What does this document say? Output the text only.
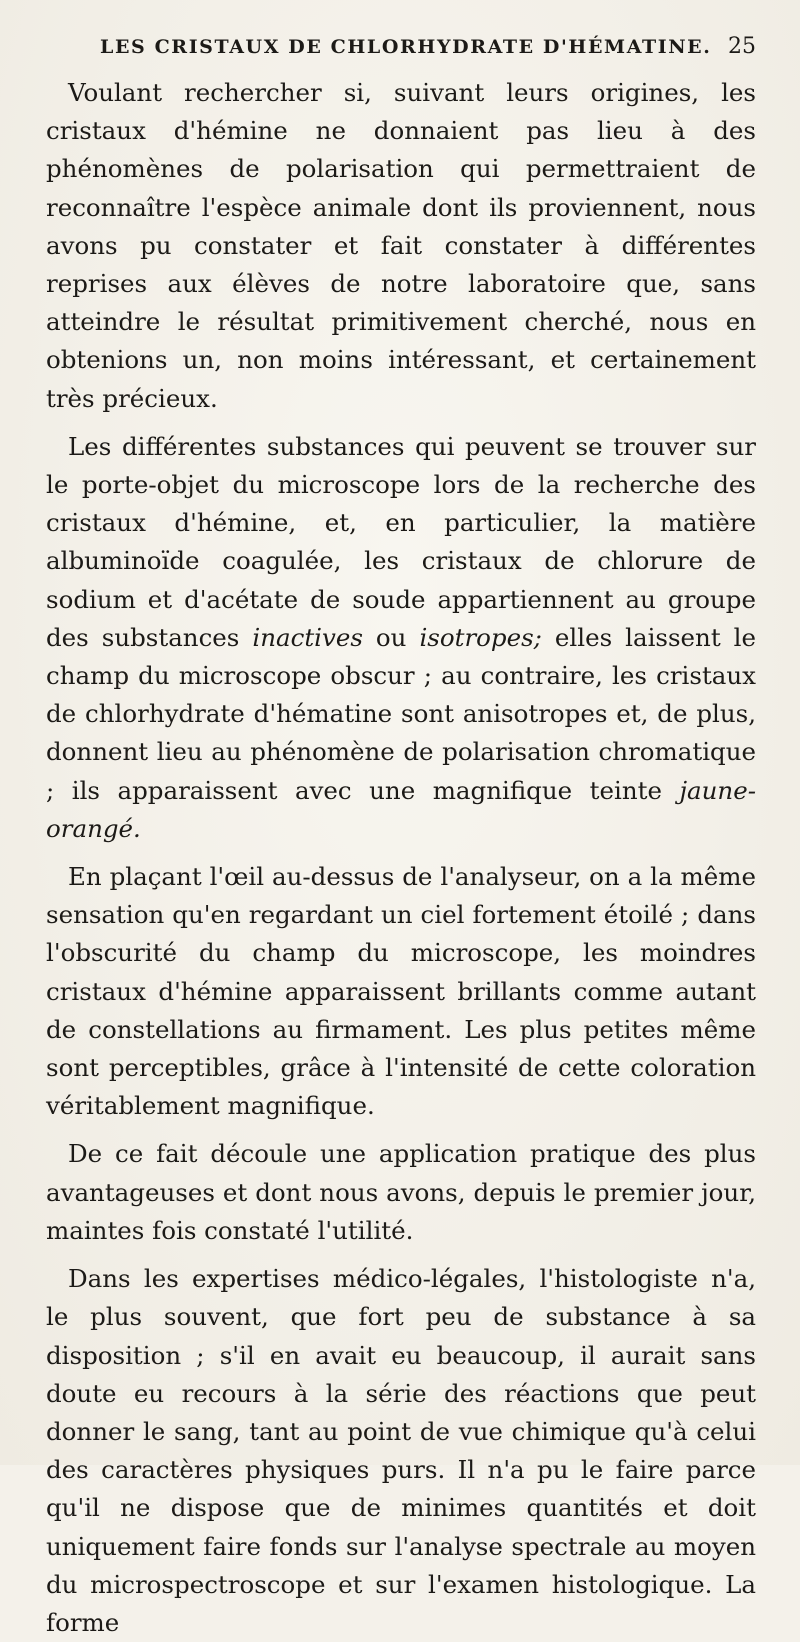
LES CRISTAUX DE CHLORHYDRATE D'HÉMATINE. 25

Voulant rechercher si, suivant leurs origines, les cristaux d'hémine ne donnaient pas lieu à des phénomènes de polarisation qui permettraient de reconnaître l'espèce animale dont ils proviennent, nous avons pu constater et fait constater à différentes reprises aux élèves de notre laboratoire que, sans atteindre le résultat primitivement cherché, nous en obtenions un, non moins intéressant, et certainement très précieux.

Les différentes substances qui peuvent se trouver sur le porte-objet du microscope lors de la recherche des cristaux d'hémine, et, en particulier, la matière albuminoïde coagulée, les cristaux de chlorure de sodium et d'acétate de soude appartiennent au groupe des substances inactives ou isotropes; elles laissent le champ du microscope obscur ; au contraire, les cristaux de chlorhydrate d'hématine sont anisotropes et, de plus, donnent lieu au phénomène de polarisation chromatique ; ils apparaissent avec une magnifique teinte jaune-orangé.

En plaçant l'œil au-dessus de l'analyseur, on a la même sensation qu'en regardant un ciel fortement étoilé ; dans l'obscurité du champ du microscope, les moindres cristaux d'hémine apparaissent brillants comme autant de constellations au firmament. Les plus petites même sont perceptibles, grâce à l'intensité de cette coloration véritablement magnifique.

De ce fait découle une application pratique des plus avantageuses et dont nous avons, depuis le premier jour, maintes fois constaté l'utilité.

Dans les expertises médico-légales, l'histologiste n'a, le plus souvent, que fort peu de substance à sa disposition ; s'il en avait eu beaucoup, il aurait sans doute eu recours à la série des réactions que peut donner le sang, tant au point de vue chimique qu'à celui des caractères physiques purs. Il n'a pu le faire parce qu'il ne dispose que de minimes quantités et doit uniquement faire fonds sur l'analyse spectrale au moyen du microspectroscope et sur l'examen histologique. La forme
